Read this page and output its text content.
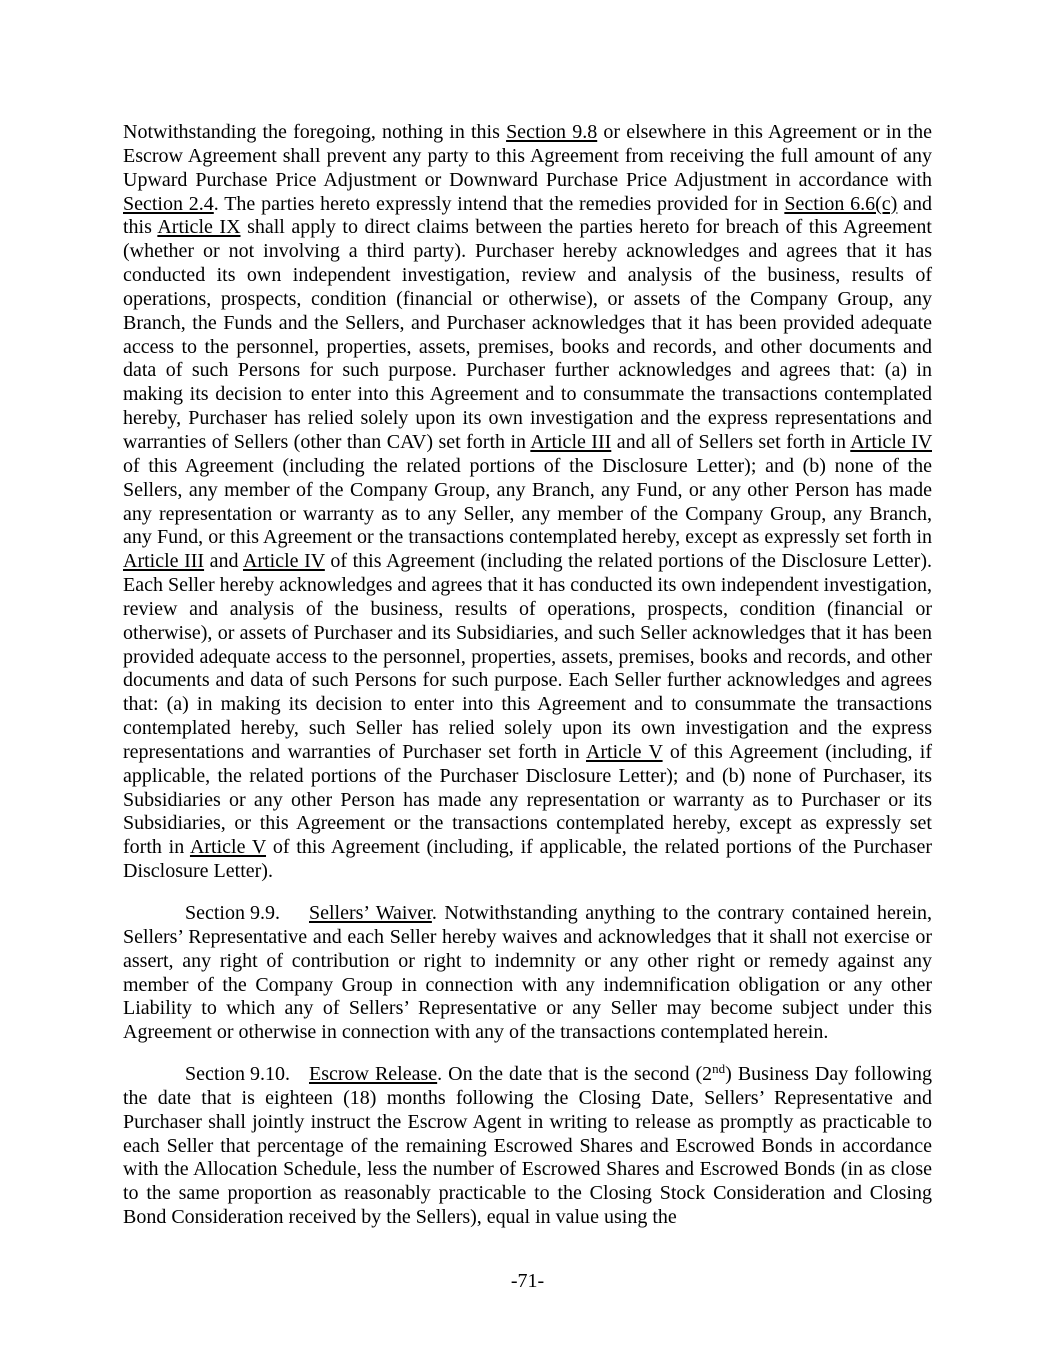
Notwithstanding the foregoing, nothing in this Section 9.8 or elsewhere in this Agreement or in the Escrow Agreement shall prevent any party to this Agreement from receiving the full amount of any Upward Purchase Price Adjustment or Downward Purchase Price Adjustment in accordance with Section 2.4. The parties hereto expressly intend that the remedies provided for in Section 6.6(c) and this Article IX shall apply to direct claims between the parties hereto for breach of this Agreement (whether or not involving a third party). Purchaser hereby acknowledges and agrees that it has conducted its own independent investigation, review and analysis of the business, results of operations, prospects, condition (financial or otherwise), or assets of the Company Group, any Branch, the Funds and the Sellers, and Purchaser acknowledges that it has been provided adequate access to the personnel, properties, assets, premises, books and records, and other documents and data of such Persons for such purpose. Purchaser further acknowledges and agrees that: (a) in making its decision to enter into this Agreement and to consummate the transactions contemplated hereby, Purchaser has relied solely upon its own investigation and the express representations and warranties of Sellers (other than CAV) set forth in Article III and all of Sellers set forth in Article IV of this Agreement (including the related portions of the Disclosure Letter); and (b) none of the Sellers, any member of the Company Group, any Branch, any Fund, or any other Person has made any representation or warranty as to any Seller, any member of the Company Group, any Branch, any Fund, or this Agreement or the transactions contemplated hereby, except as expressly set forth in Article III and Article IV of this Agreement (including the related portions of the Disclosure Letter). Each Seller hereby acknowledges and agrees that it has conducted its own independent investigation, review and analysis of the business, results of operations, prospects, condition (financial or otherwise), or assets of Purchaser and its Subsidiaries, and such Seller acknowledges that it has been provided adequate access to the personnel, properties, assets, premises, books and records, and other documents and data of such Persons for such purpose. Each Seller further acknowledges and agrees that: (a) in making its decision to enter into this Agreement and to consummate the transactions contemplated hereby, such Seller has relied solely upon its own investigation and the express representations and warranties of Purchaser set forth in Article V of this Agreement (including, if applicable, the related portions of the Purchaser Disclosure Letter); and (b) none of Purchaser, its Subsidiaries or any other Person has made any representation or warranty as to Purchaser or its Subsidiaries, or this Agreement or the transactions contemplated hereby, except as expressly set forth in Article V of this Agreement (including, if applicable, the related portions of the Purchaser Disclosure Letter).

Section 9.9. Sellers’ Waiver. Notwithstanding anything to the contrary contained herein, Sellers’ Representative and each Seller hereby waives and acknowledges that it shall not exercise or assert, any right of contribution or right to indemnity or any other right or remedy against any member of the Company Group in connection with any indemnification obligation or any other Liability to which any of Sellers’ Representative or any Seller may become subject under this Agreement or otherwise in connection with any of the transactions contemplated herein.

Section 9.10. Escrow Release. On the date that is the second (2nd) Business Day following the date that is eighteen (18) months following the Closing Date, Sellers’ Representative and Purchaser shall jointly instruct the Escrow Agent in writing to release as promptly as practicable to each Seller that percentage of the remaining Escrowed Shares and Escrowed Bonds in accordance with the Allocation Schedule, less the number of Escrowed Shares and Escrowed Bonds (in as close to the same proportion as reasonably practicable to the Closing Stock Consideration and Closing Bond Consideration received by the Sellers), equal in value using the

-71-
